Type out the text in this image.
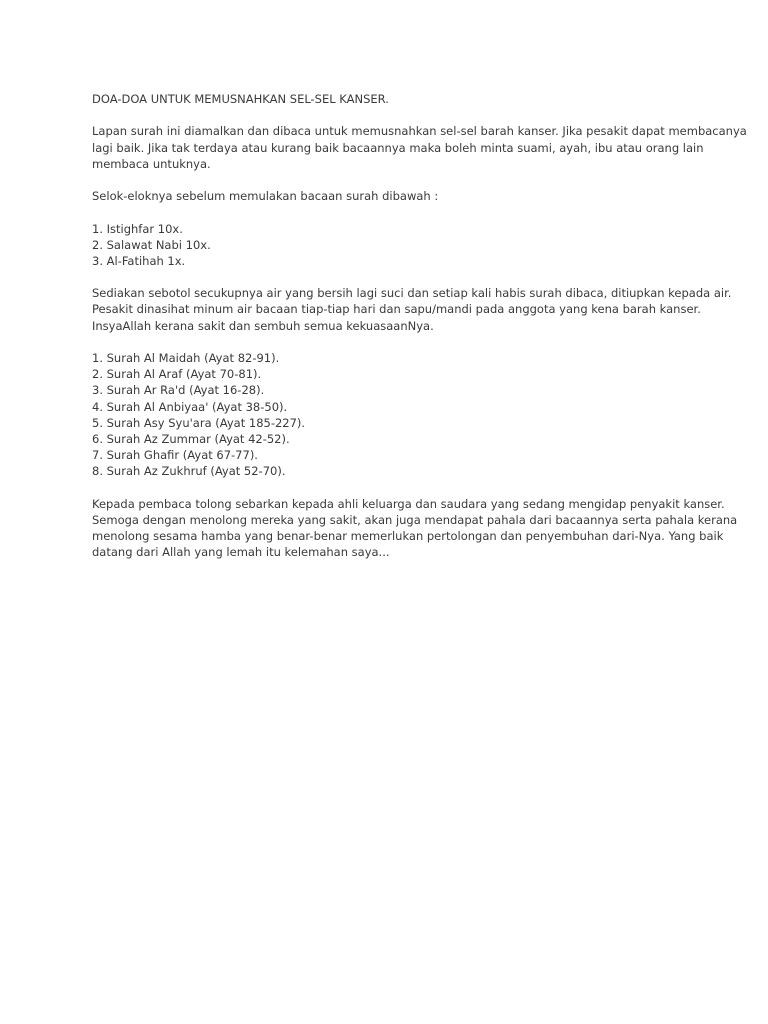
DOA-DOA UNTUK MEMUSNAHKAN SEL-SEL KANSER.
Lapan surah ini diamalkan dan dibaca untuk memusnahkan sel-sel barah kanser. Jika pesakit dapat membacanya
lagi baik. Jika tak terdaya atau kurang baik bacaannya maka boleh minta suami, ayah, ibu atau orang lain
membaca untuknya.
Selok-eloknya sebelum memulakan bacaan surah dibawah :
1. Istighfar 10x.
2. Salawat Nabi 10x.
3. Al-Fatihah 1x.
Sediakan sebotol secukupnya air yang bersih lagi suci dan setiap kali habis surah dibaca, ditiupkan kepada air.
Pesakit dinasihat minum air bacaan tiap-tiap hari dan sapu/mandi pada anggota yang kena barah kanser.
InsyaAllah kerana sakit dan sembuh semua kekuasaanNya.
1. Surah Al Maidah (Ayat 82-91).
2. Surah Al Araf (Ayat 70-81).
3. Surah Ar Ra'd (Ayat 16-28).
4. Surah Al Anbiyaa' (Ayat 38-50).
5. Surah Asy Syu'ara (Ayat 185-227).
6. Surah Az Zummar (Ayat 42-52).
7. Surah Ghafir (Ayat 67-77).
8. Surah Az Zukhruf (Ayat 52-70).
Kepada pembaca tolong sebarkan kepada ahli keluarga dan saudara yang sedang mengidap penyakit kanser.
Semoga dengan menolong mereka yang sakit, akan juga mendapat pahala dari bacaannya serta pahala kerana
menolong sesama hamba yang benar-benar memerlukan pertolongan dan penyembuhan dari-Nya. Yang baik
datang dari Allah yang lemah itu kelemahan saya...
